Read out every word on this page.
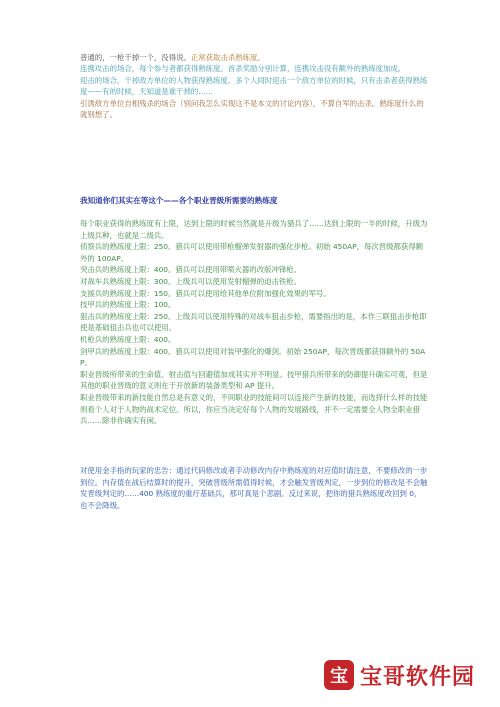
普通的，一枪干掉一个，没得说。正常获取击杀熟练度。

连携攻击的场合，每个参与者都获得熟练度。首杀奖励分别计算，连携攻击没有额外的熟练度加成。

迎击的场合，干掉敌方单位的人物获得熟练度。多个人同时迎击一个敌方单位的时候，只有击杀者获得熟练度——有的时候，天知道是谁干掉的……

引诱敌方单位自相残杀的场合（别问我怎么实现这不是本文的讨论内容），不算自军的击杀。熟练度什么的就别想了。

我知道你们其实在等这个——各个职业晋级所需要的熟练度

每个职业获得的熟练度有上限，达到上限的时候当然就是升级为猎兵了……达到上限的一半的时候，升级为上级兵种，也就是二级兵。

侦察兵的熟练度上限：250。猎兵可以使用带枪榴弹发射器的强化步枪。初始 450AP，每次晋级都获得额外的 100AP。

突击兵的熟练度上限：400。猎兵可以使用带喷火器的改版冲锋枪。

对战车兵熟练度上限：300。上级兵可以使用发射榴弹的迫击铁枪。

支援兵的熟练度上限：150。猎兵可以使用给其他单位附加强化效果的军号。

技甲兵的熟练度上限：100。

狙击兵的熟练度上限：250。上级兵可以使用特殊的对战车狙击步枪，需要指出的是，本作三联狙击步枪即使是基础狙击兵也可以使用。

机枪兵的熟练度上限：400。

剑甲兵的熟练度上限：400。猎兵可以使用对装甲强化的爆剑。初始 250AP，每次晋级都获得额外的 50AP。

职业晋级所带来的生命值、射击值与回避值加成其实并不明显。技甲猎兵所带来的防御提升确实可观，但是其他的职业晋级的意义则在于开放新的装备类型和 AP 提升。

职业晋级带来的新技能自然总是有意义的，不同职业的技能间可以连接产生新的技能，而选择什么样的技能则看个人对于人物的战术定位。所以，你应当决定好每个人物的发展路线，并不一定需要全人物全职业猎兵……除非你确实有闲。

对使用金手指的玩家的忠告：通过代码修改或者手动修改内存中熟练度的对应值时请注意，不要修改的一步到位。内存值在战后结算时的提升，突破晋级所需值得时候，才会触发晋级判定，一步到位的修改是不会触发晋级判定的……400 熟练度的重疗基础兵，那可真是个悲剧。反过来说，把你的猎兵熟练度改回到 0，也不会降级。

宝 宝哥软件园
